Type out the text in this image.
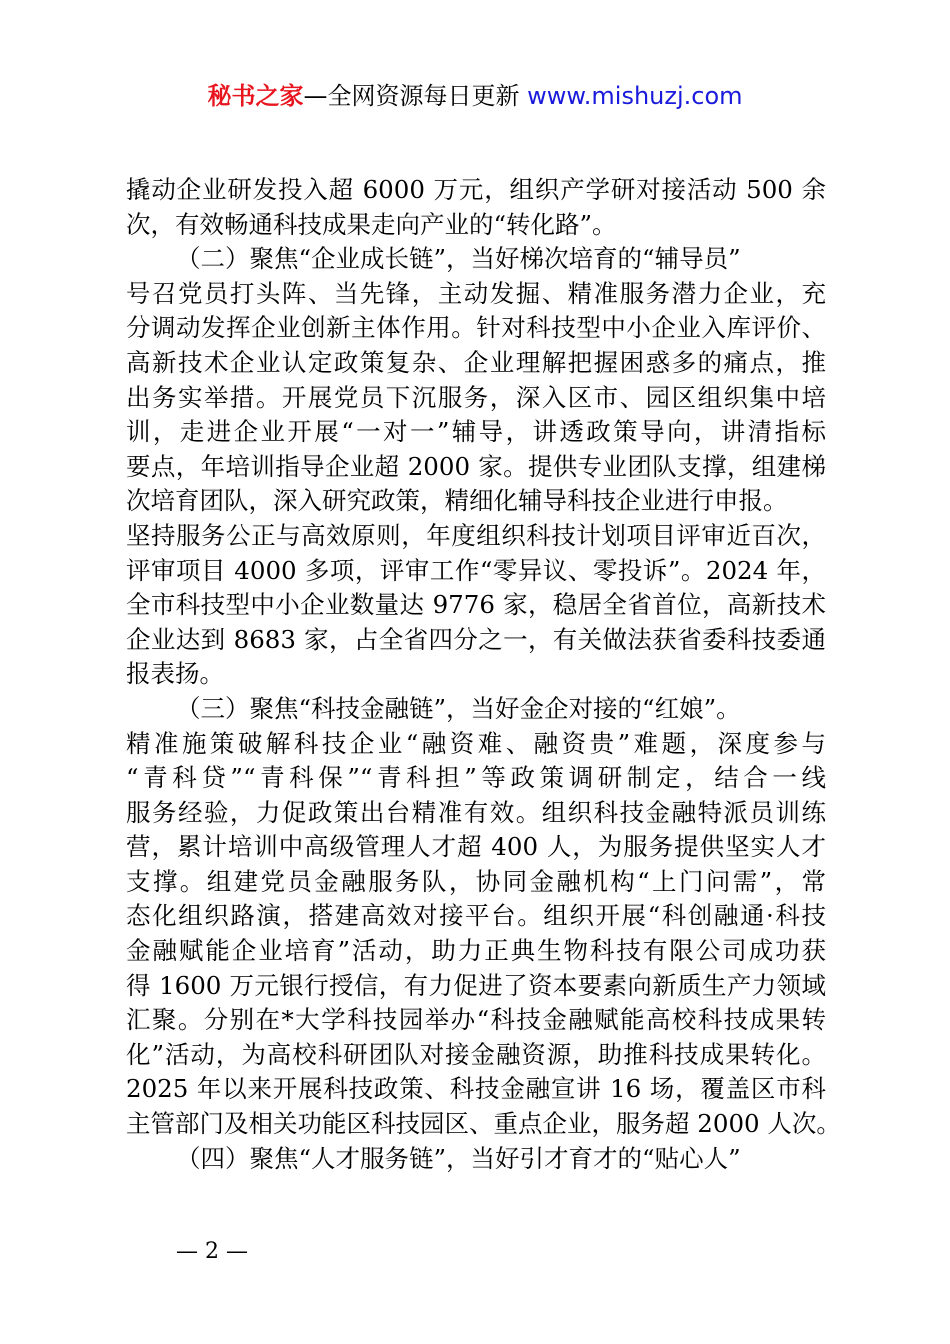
秘书之家—全网资源每日更新 www.mishuzj.com
撬动企业研发投入超 6000 万元，组织产学研对接活动 500 余
次，有效畅通科技成果走向产业的“转化路”。
（二）聚焦“企业成长链”，当好梯次培育的“辅导员”
号召党员打头阵、当先锋，主动发掘、精准服务潜力企业，充
分调动发挥企业创新主体作用。针对科技型中小企业入库评价、
高新技术企业认定政策复杂、企业理解把握困惑多的痛点，推
出务实举措。开展党员下沉服务，深入区市、园区组织集中培
训，走进企业开展“一对一”辅导，讲透政策导向，讲清指标
要点，年培训指导企业超 2000 家。提供专业团队支撑，组建梯
次培育团队，深入研究政策，精细化辅导科技企业进行申报。
坚持服务公正与高效原则，年度组织科技计划项目评审近百次，
评审项目 4000 多项，评审工作“零异议、零投诉”。2024 年，
全市科技型中小企业数量达 9776 家，稳居全省首位，高新技术
企业达到 8683 家，占全省四分之一，有关做法获省委科技委通
报表扬。
（三）聚焦“科技金融链”，当好金企对接的“红娘”。
精准施策破解科技企业“融资难、融资贵”难题，深度参与
“青科贷”“青科保”“青科担”等政策调研制定，结合一线
服务经验，力促政策出台精准有效。组织科技金融特派员训练
营，累计培训中高级管理人才超 400 人，为服务提供坚实人才
支撑。组建党员金融服务队，协同金融机构“上门问需”，常
态化组织路演，搭建高效对接平台。组织开展“科创融通·科技
金融赋能企业培育”活动，助力正典生物科技有限公司成功获
得 1600 万元银行授信，有力促进了资本要素向新质生产力领域
汇聚。分别在*大学科技园举办“科技金融赋能高校科技成果转
化”活动，为高校科研团队对接金融资源，助推科技成果转化。
2025 年以来开展科技政策、科技金融宣讲 16 场，覆盖区市科
主管部门及相关功能区科技园区、重点企业，服务超 2000 人次。
（四）聚焦“人才服务链”，当好引才育才的“贴心人”
— 2 —
